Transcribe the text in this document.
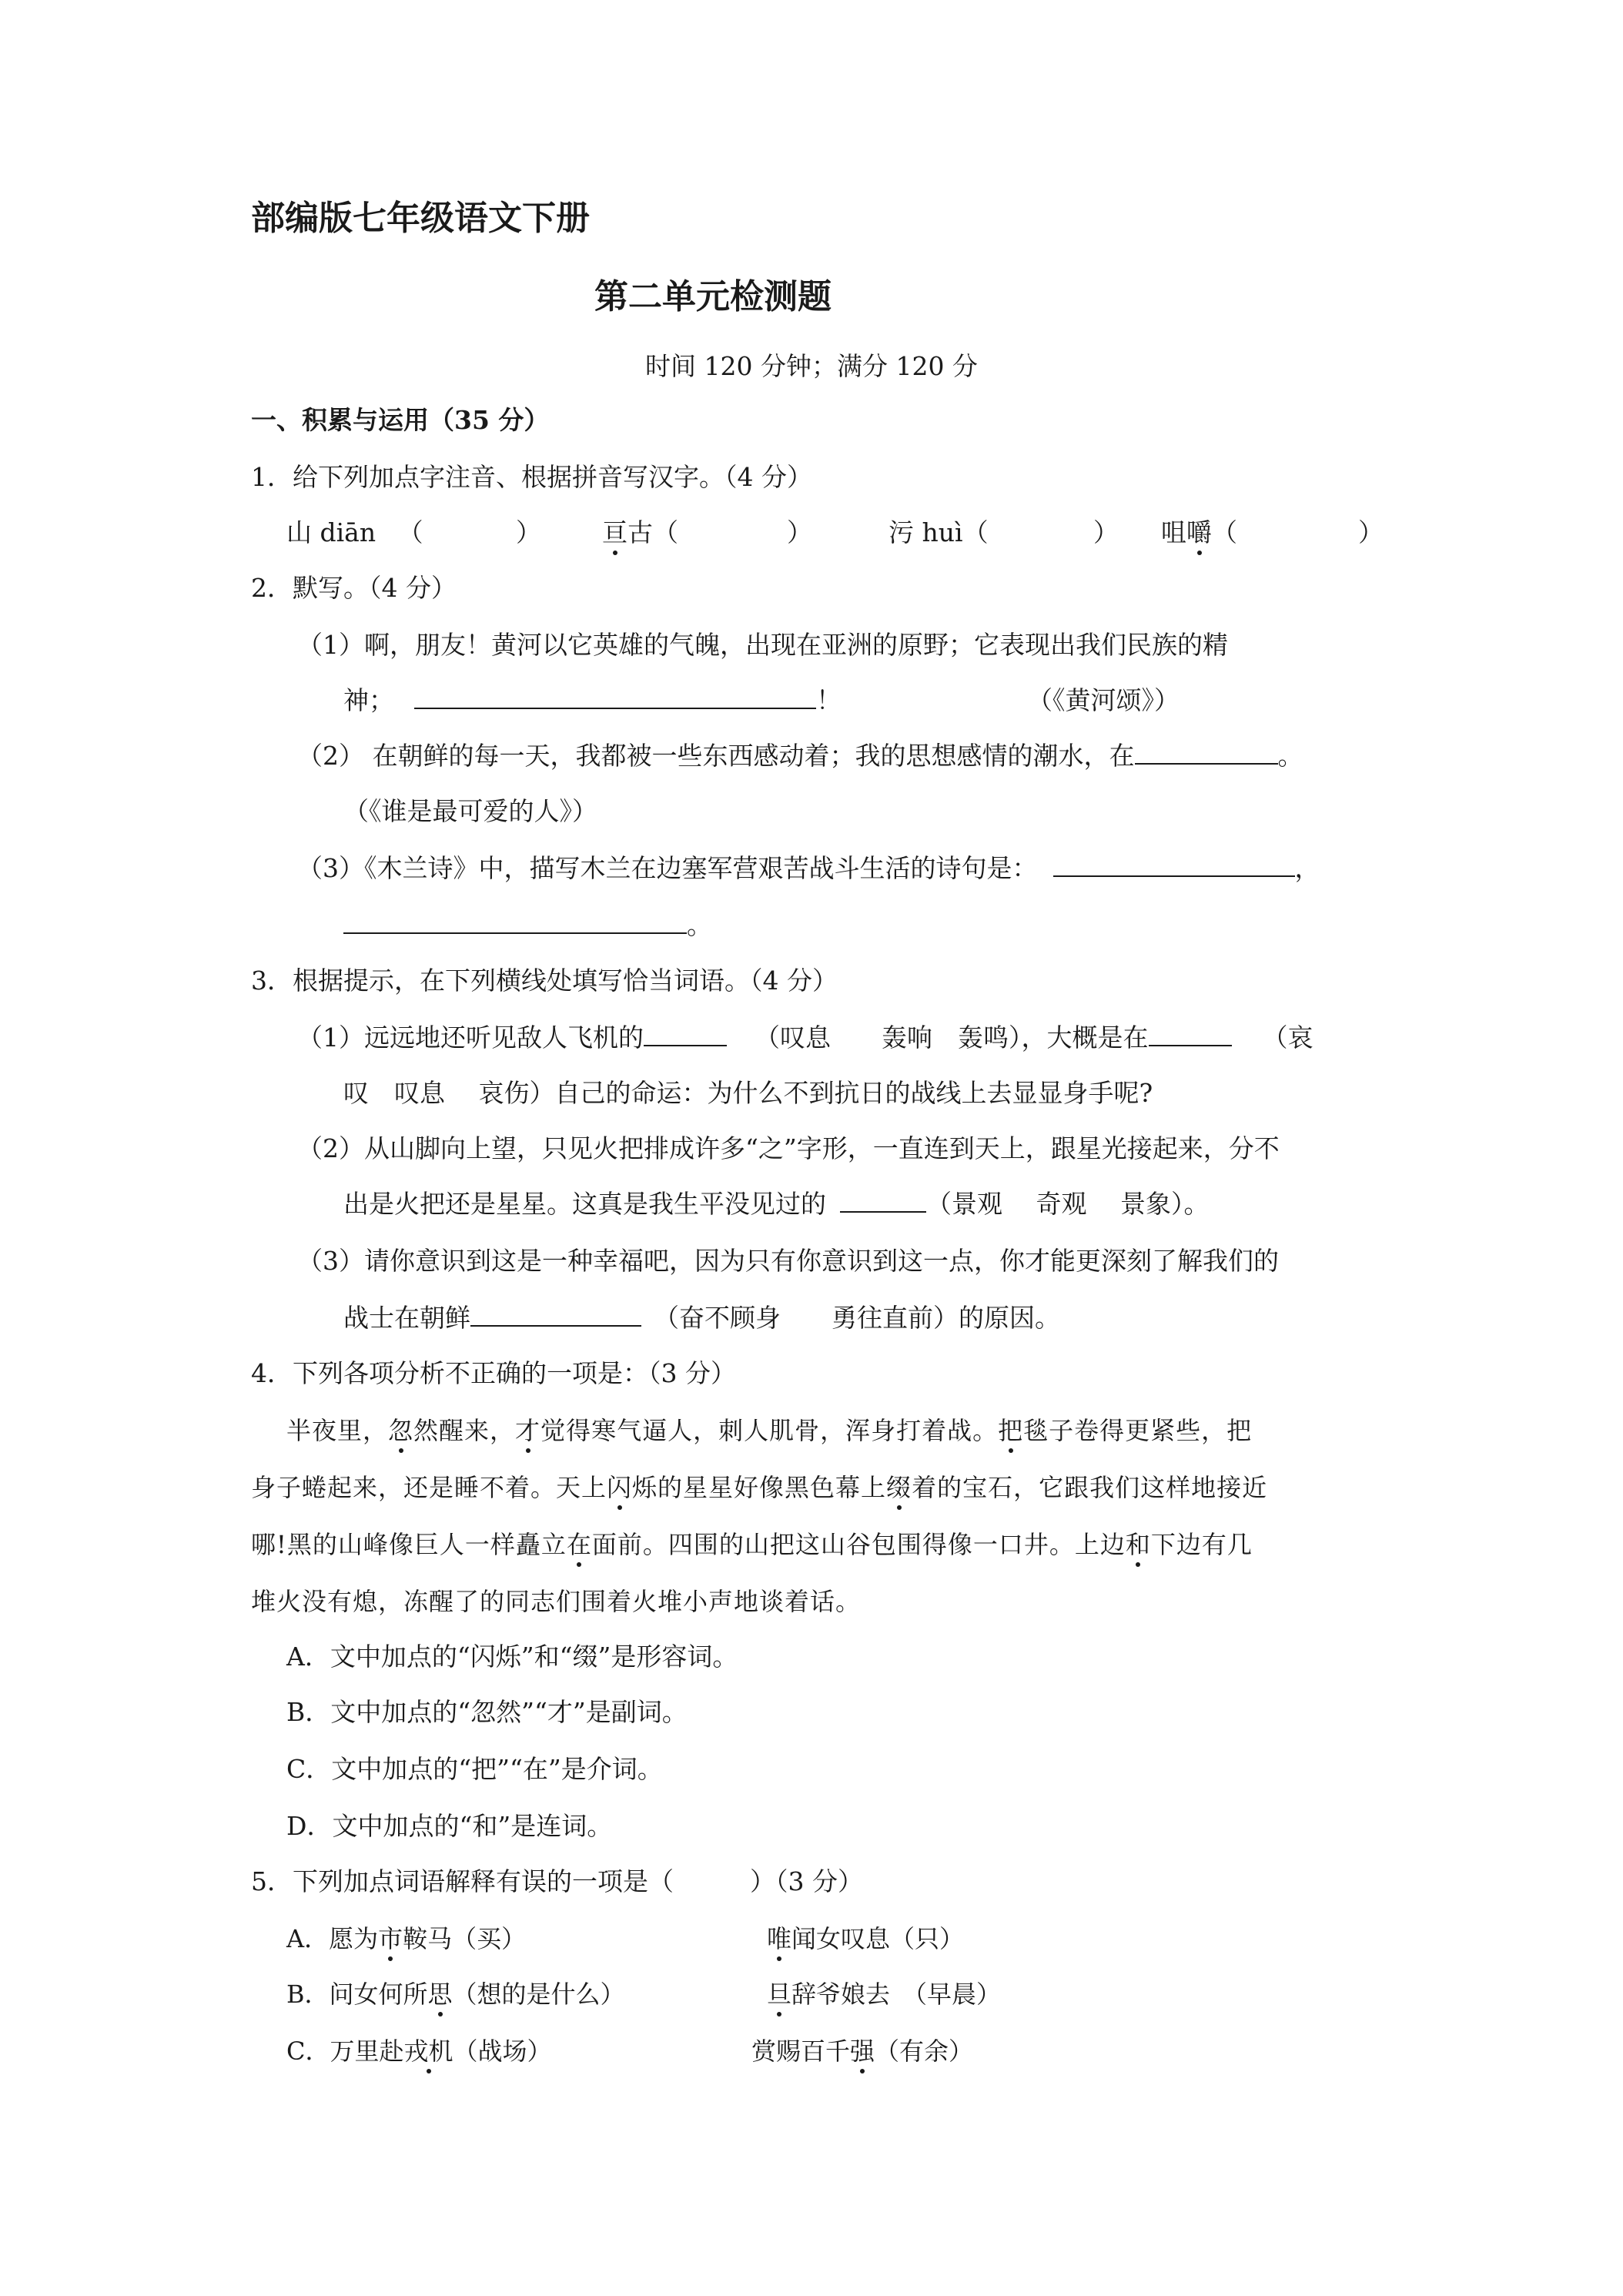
部编版七年级语文下册
第二单元检测题
时间 120 分钟；满分 120 分
一、积累与运用（35 分）
1．给下列加点字注音、根据拼音写汉字。（4 分）
山 diān （	） 亘古（	）	污 huì（	） 咀嚼（	）
2．默写。（4 分）
（1）啊，朋友！黄河以它英雄的气魄，出现在亚洲的原野；它表现出我们民族的精
神；	！	（《黄河颂》）
（2） 在朝鲜的每一天，我都被一些东西感动着；我的思想感情的潮水，在	。
（《谁是最可爱的人》）
（3）《木兰诗》中，描写木兰在边塞军营艰苦战斗生活的诗句是：	，
。
3．根据提示，在下列横线处填写恰当词语。（4 分）
（1）远远地还听见敌人飞机的	（叹息　　轰响　轰鸣），大概是在	（哀
叹　叹息　 哀伤）自己的命运：为什么不到抗日的战线上去显显身手呢?
（2）从山脚向上望，只见火把排成许多“之”字形，一直连到天上，跟星光接起来，分不
出是火把还是星星。这真是我生平没见过的	（景观　 奇观　 景象）。
（3）请你意识到这是一种幸福吧，因为只有你意识到这一点，你才能更深刻了解我们的
战士在朝鲜	（奋不顾身　　勇往直前）的原因。
4．下列各项分析不正确的一项是：（3 分）
半夜里，忽然醒来，才觉得寒气逼人，刺人肌骨，浑身打着战。把毯子卷得更紧些，把
身子蜷起来，还是睡不着。天上闪烁的星星好像黑色幕上缀着的宝石，它跟我们这样地接近
哪!黑的山峰像巨人一样矗立在面前。四围的山把这山谷包围得像一口井。上边和下边有几
堆火没有熄，冻醒了的同志们围着火堆小声地谈着话。
A．文中加点的“闪烁”和“缀”是形容词。
B．文中加点的“忽然”“才”是副词。
C．文中加点的“把”“在”是介词。
D．文中加点的“和”是连词。
5．下列加点词语解释有误的一项是（　　　）（3 分）
A．愿为市鞍马（买）	唯闻女叹息（只）
B．问女何所思（想的是什么）	旦辞爷娘去　（早晨）
C．万里赴戎机（战场）	赏赐百千强（有余）
